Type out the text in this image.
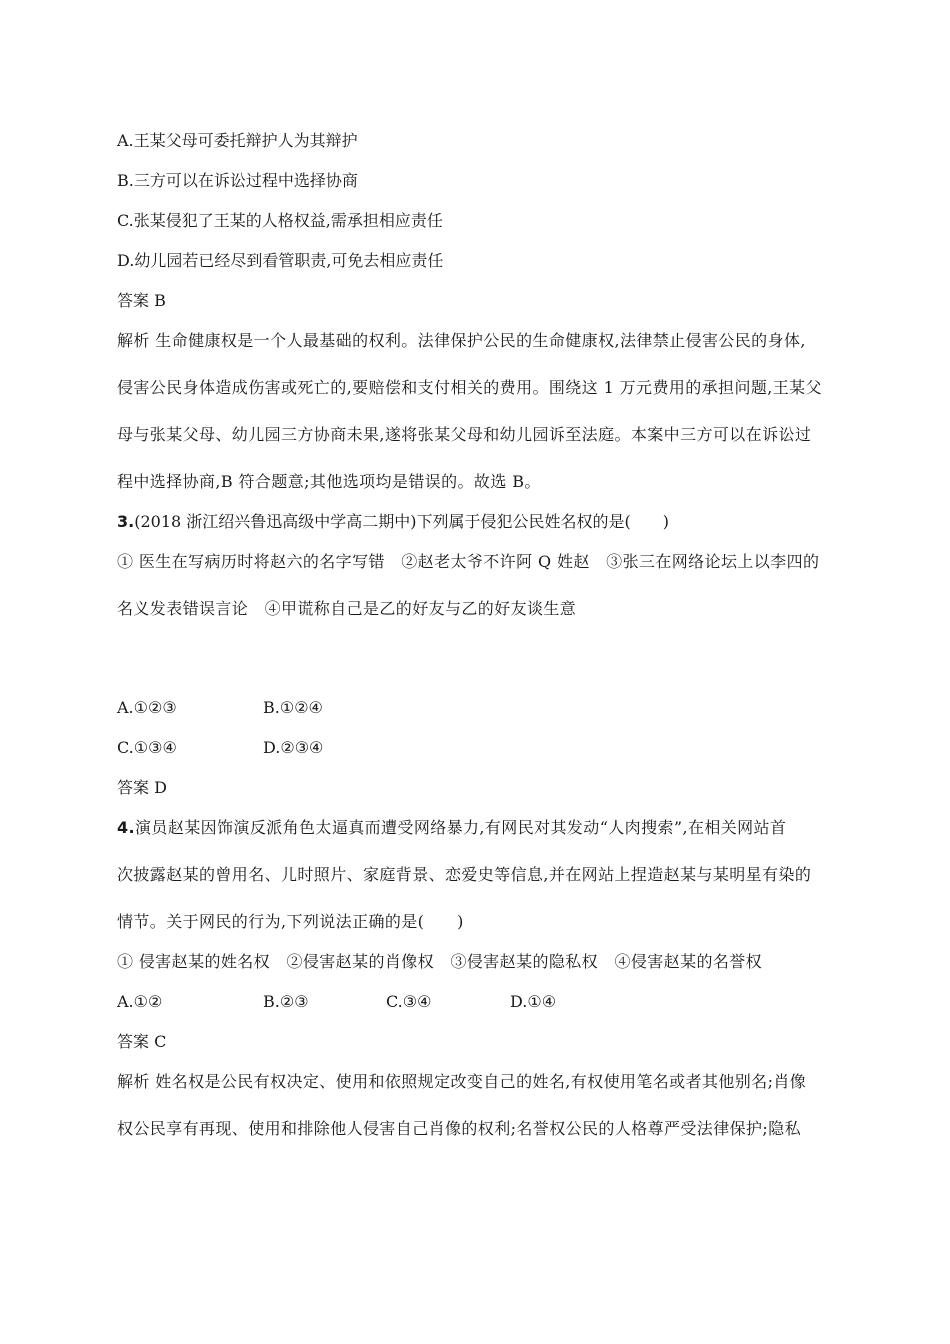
A.王某父母可委托辩护人为其辩护
B.三方可以在诉讼过程中选择协商
C.张某侵犯了王某的人格权益,需承担相应责任
D.幼儿园若已经尽到看管职责,可免去相应责任
答案 B
解析 生命健康权是一个人最基础的权利。法律保护公民的生命健康权,法律禁止侵害公民的身体,
侵害公民身体造成伤害或死亡的,要赔偿和支付相关的费用。围绕这 1 万元费用的承担问题,王某父
母与张某父母、幼儿园三方协商未果,遂将张某父母和幼儿园诉至法庭。本案中三方可以在诉讼过
程中选择协商,B 符合题意;其他选项均是错误的。故选 B。
3.(2018 浙江绍兴鲁迅高级中学高二期中)下列属于侵犯公民姓名权的是(　　)
① 医生在写病历时将赵六的名字写错　②赵老太爷不许阿 Q 姓赵　③张三在网络论坛上以李四的
名义发表错误言论　④甲谎称自己是乙的好友与乙的好友谈生意
A.①②③	B.①②④
C.①③④	D.②③④
答案 D
4.演员赵某因饰演反派角色太逼真而遭受网络暴力,有网民对其发动“人肉搜索”,在相关网站首
次披露赵某的曾用名、儿时照片、家庭背景、恋爱史等信息,并在网站上捏造赵某与某明星有染的
情节。关于网民的行为,下列说法正确的是(　　)
① 侵害赵某的姓名权　②侵害赵某的肖像权　③侵害赵某的隐私权　④侵害赵某的名誉权
A.①②	B.②③	C.③④	D.①④
答案 C
解析 姓名权是公民有权决定、使用和依照规定改变自己的姓名,有权使用笔名或者其他别名;肖像
权公民享有再现、使用和排除他人侵害自己肖像的权利;名誉权公民的人格尊严受法律保护;隐私
